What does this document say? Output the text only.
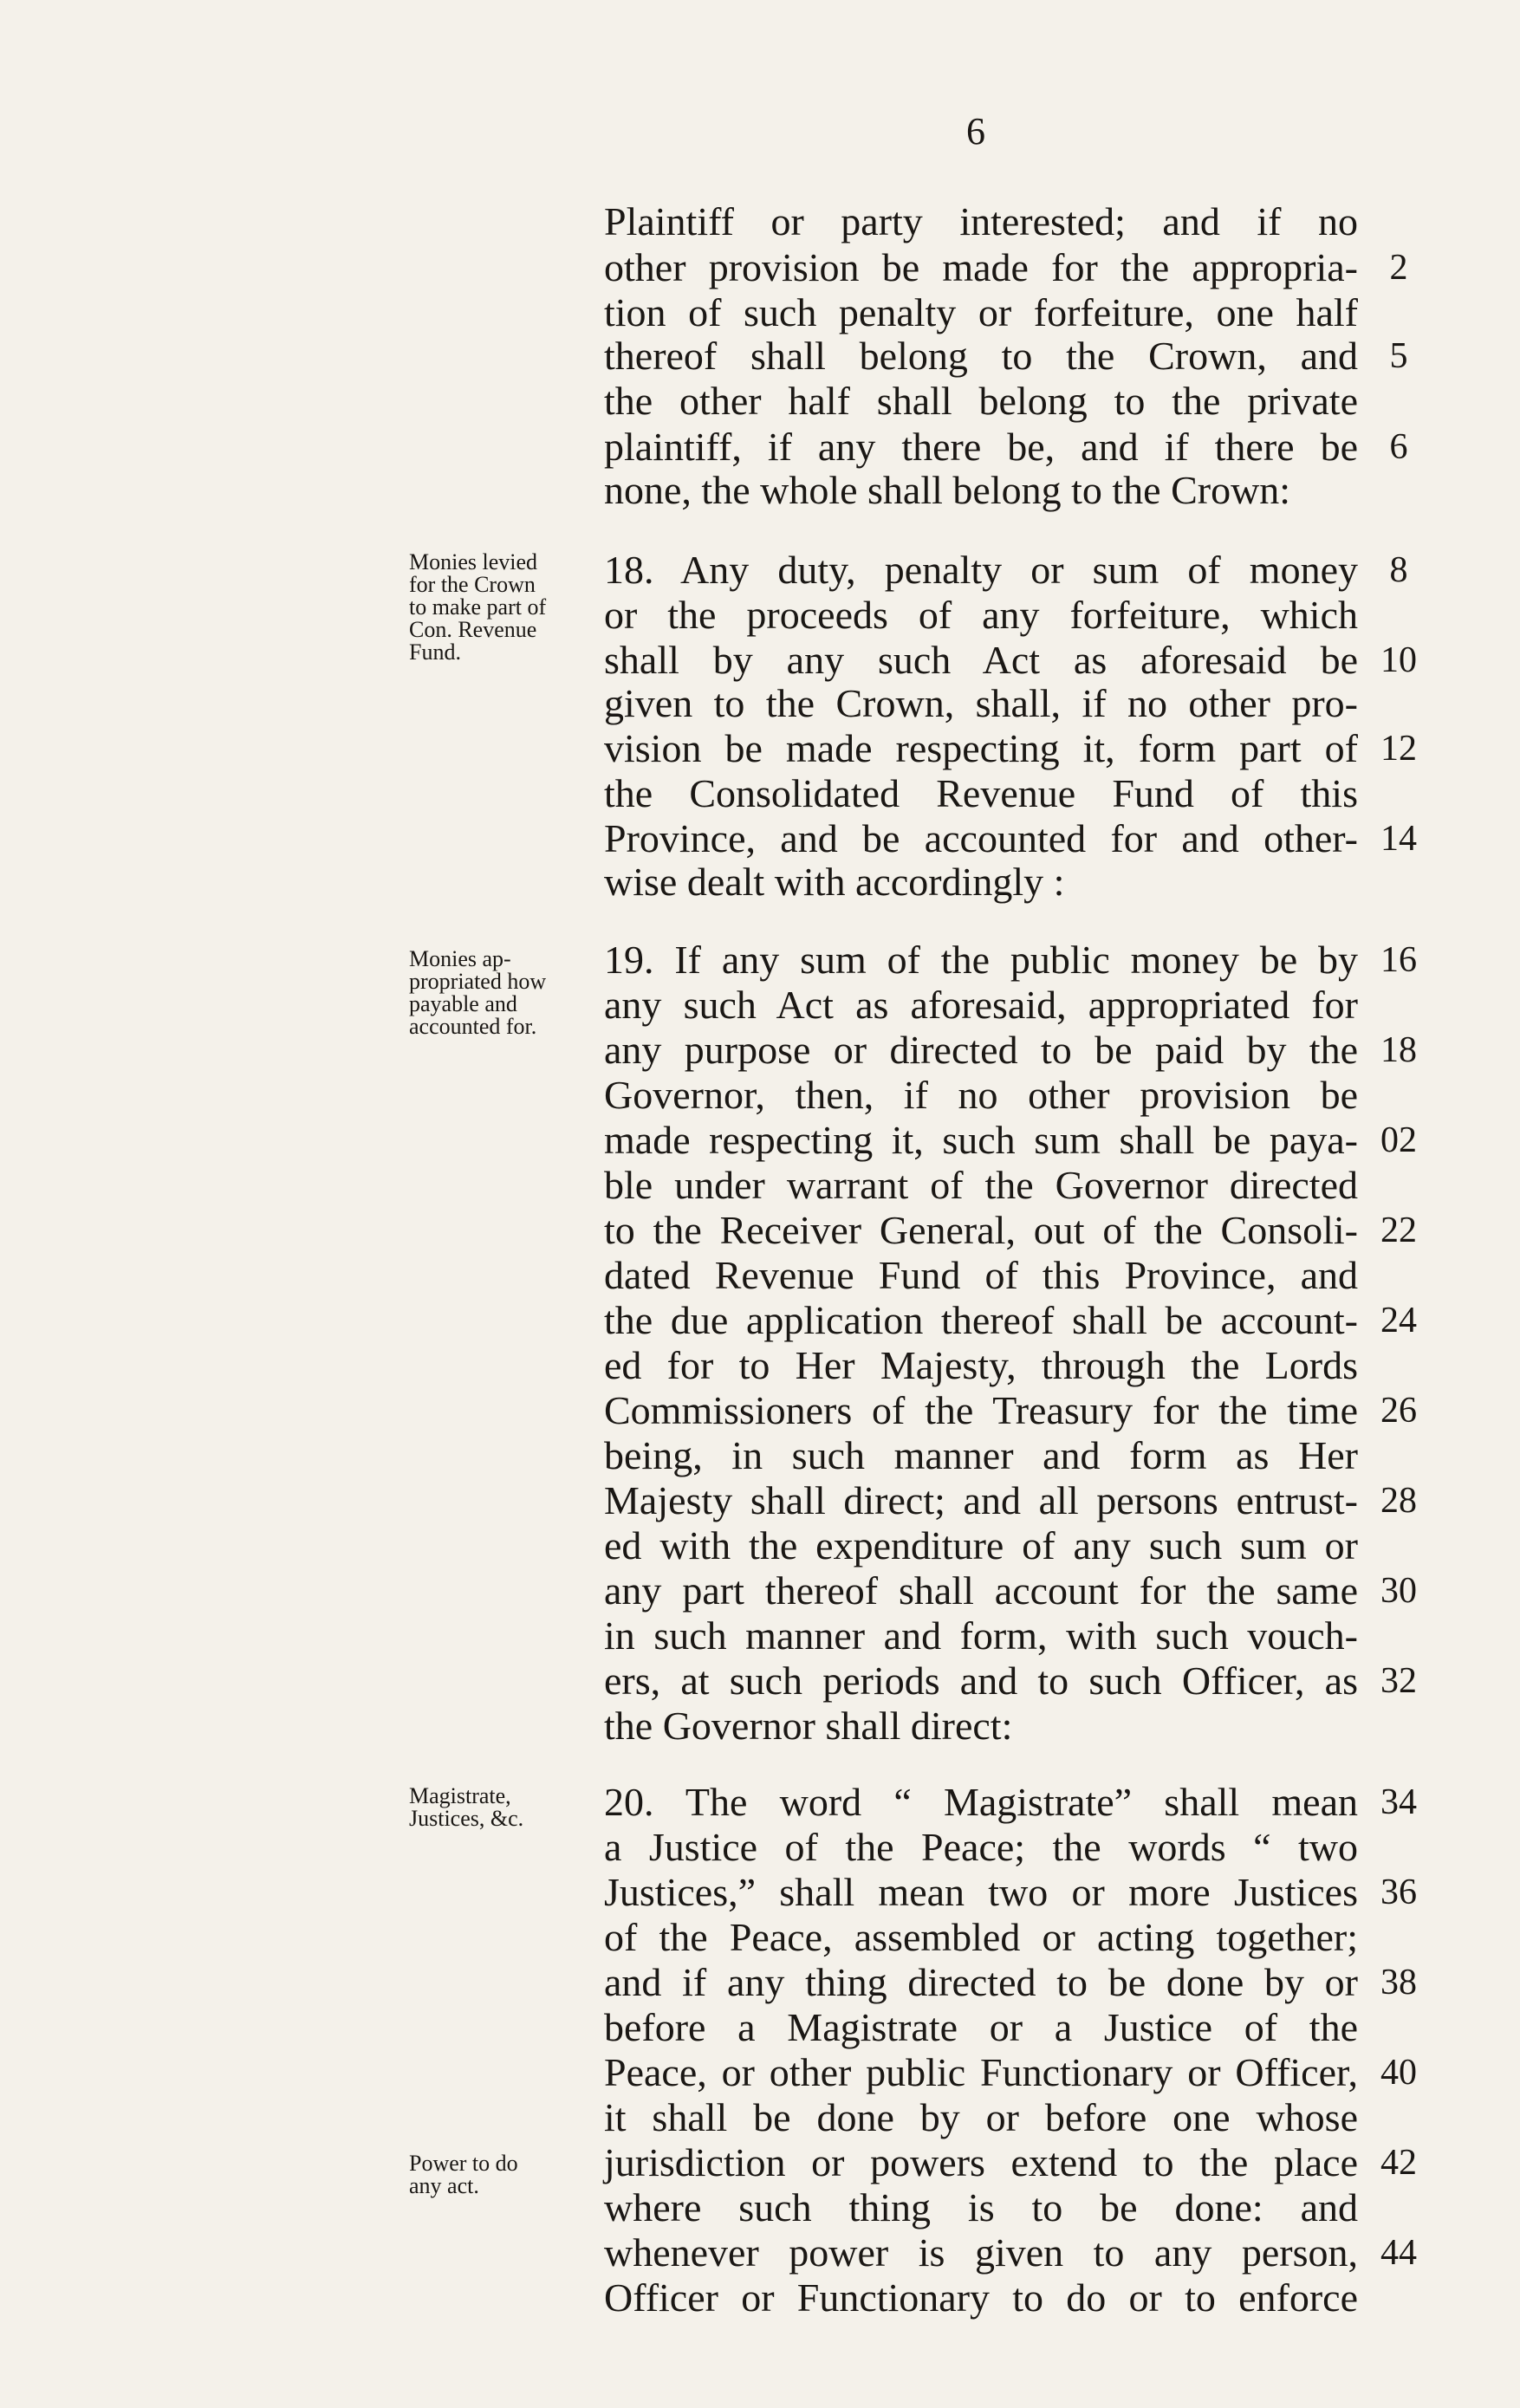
6
Plaintiff or party interested; and if no
other provision be made for the appropria- 2
tion of such penalty or forfeiture, one half
thereof shall belong to the Crown, and 5
the other half shall belong to the private
plaintiff, if any there be, and if there be 6
none, the whole shall belong to the Crown:
18. Any duty, penalty or sum of money 8
or the proceeds of any forfeiture, which
shall by any such Act as aforesaid be 10
given to the Crown, shall, if no other pro-
vision be made respecting it, form part of 12
the Consolidated Revenue Fund of this
Province, and be accounted for and other- 14
wise dealt with accordingly :
19. If any sum of the public money be by 16
any such Act as aforesaid, appropriated for
any purpose or directed to be paid by the 18
Governor, then, if no other provision be
made respecting it, such sum shall be paya- 02
ble under warrant of the Governor directed
to the Receiver General, out of the Consoli- 22
dated Revenue Fund of this Province, and
the due application thereof shall be account- 24
ed for to Her Majesty, through the Lords
Commissioners of the Treasury for the time 26
being, in such manner and form as Her
Majesty shall direct; and all persons entrust- 28
ed with the expenditure of any such sum or
any part thereof shall account for the same 30
in such manner and form, with such vouch-
ers, at such periods and to such Officer, as 32
the Governor shall direct:
20. The word “ Magistrate” shall mean 34
a Justice of the Peace; the words “ two
Justices,” shall mean two or more Justices 36
of the Peace, assembled or acting together;
and if any thing directed to be done by or 38
before a Magistrate or a Justice of the
Peace, or other public Functionary or Officer, 40
it shall be done by or before one whose
jurisdiction or powers extend to the place 42
where such thing is to be done: and
whenever power is given to any person, 44
Officer or Functionary to do or to enforce
Monies levied
for the Crown
to make part of
Con. Revenue
Fund.
Monies ap-
propriated how
payable and
accounted for.
Magistrate,
Justices, &c.
Power to do
any act.
